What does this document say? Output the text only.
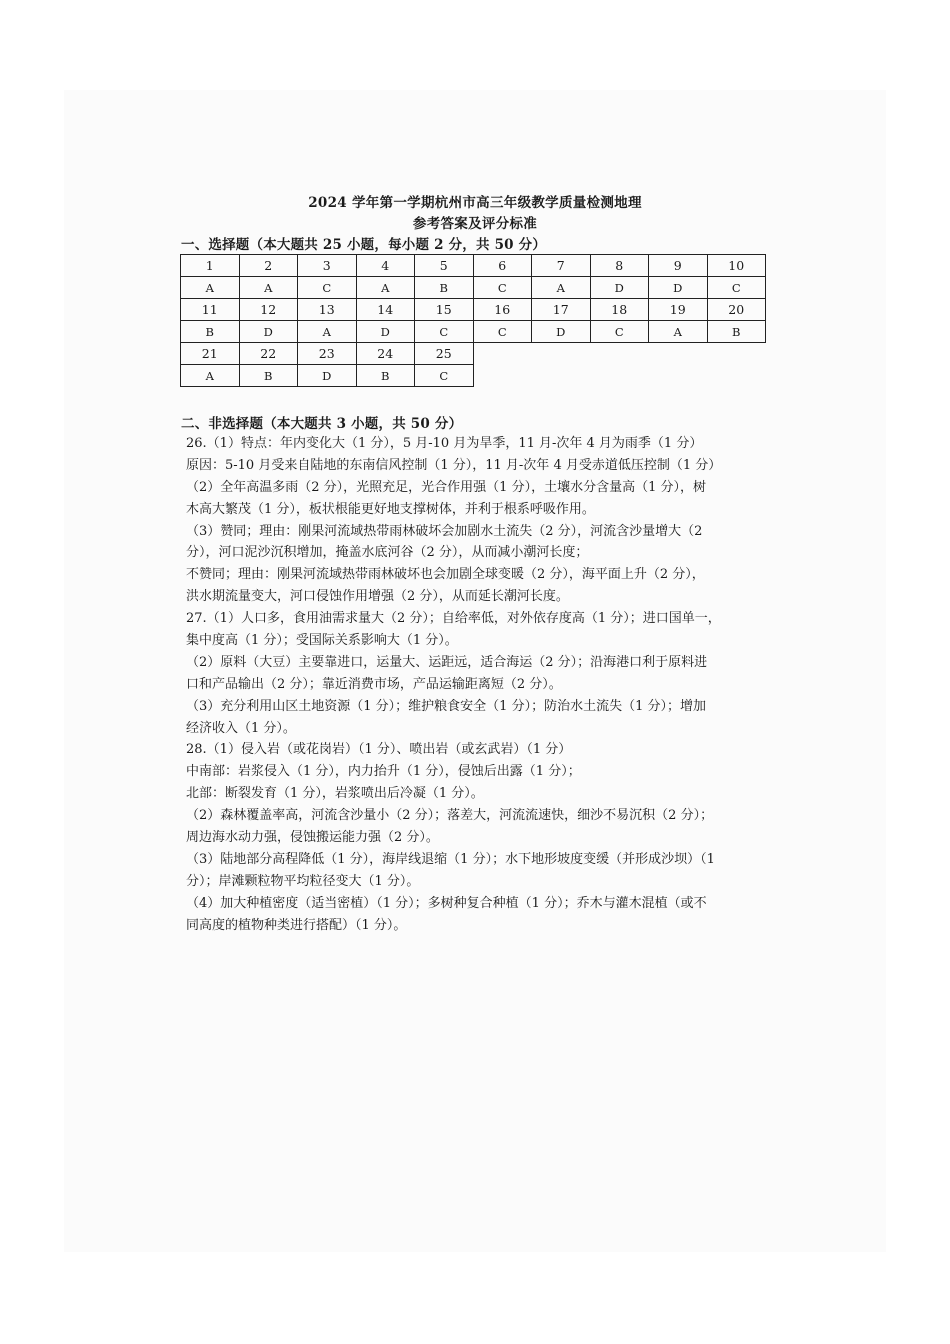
2024 学年第一学期杭州市高三年级教学质量检测地理
参考答案及评分标准
一、选择题（本大题共 25 小题，每小题 2 分，共 50 分）
1	2	3	4	5	6	7	8	9	10
A	A	C	A	B	C	A	D	D	C
11	12	13	14	15	16	17	18	19	20
B	D	A	D	C	C	D	C	A	B
21	22	23	24	25					
A	B	D	B	C					
二、非选择题（本大题共 3 小题，共 50 分）
26.（1）特点：年内变化大（1 分），5 月-10 月为旱季，11 月-次年 4 月为雨季（1 分）
原因：5-10 月受来自陆地的东南信风控制（1 分），11 月-次年 4 月受赤道低压控制（1 分）
（2）全年高温多雨（2 分），光照充足，光合作用强（1 分），土壤水分含量高（1 分），树
木高大繁茂（1 分），板状根能更好地支撑树体，并利于根系呼吸作用。
（3）赞同；理由：刚果河流域热带雨林破坏会加剧水土流失（2 分），河流含沙量增大（2
分），河口泥沙沉积增加，掩盖水底河谷（2 分），从而减小潮河长度；
不赞同；理由：刚果河流域热带雨林破坏也会加剧全球变暖（2 分），海平面上升（2 分），
洪水期流量变大，河口侵蚀作用增强（2 分），从而延长潮河长度。
27.（1）人口多，食用油需求量大（2 分）；自给率低，对外依存度高（1 分）；进口国单一，
集中度高（1 分）；受国际关系影响大（1 分）。
（2）原料（大豆）主要靠进口，运量大、运距远，适合海运（2 分）；沿海港口利于原料进
口和产品输出（2 分）；靠近消费市场，产品运输距离短（2 分）。
（3）充分利用山区土地资源（1 分）；维护粮食安全（1 分）；防治水土流失（1 分）；增加
经济收入（1 分）。
28.（1）侵入岩（或花岗岩）（1 分）、喷出岩（或玄武岩）（1 分）
中南部：岩浆侵入（1 分），内力抬升（1 分），侵蚀后出露（1 分）；
北部：断裂发育（1 分），岩浆喷出后冷凝（1 分）。
（2）森林覆盖率高，河流含沙量小（2 分）；落差大，河流流速快，细沙不易沉积（2 分）；
周边海水动力强，侵蚀搬运能力强（2 分）。
（3）陆地部分高程降低（1 分），海岸线退缩（1 分）；水下地形坡度变缓（并形成沙坝）（1
分）；岸滩颗粒物平均粒径变大（1 分）。
（4）加大种植密度（适当密植）（1 分）；多树种复合种植（1 分）；乔木与灌木混植（或不
同高度的植物种类进行搭配）（1 分）。
